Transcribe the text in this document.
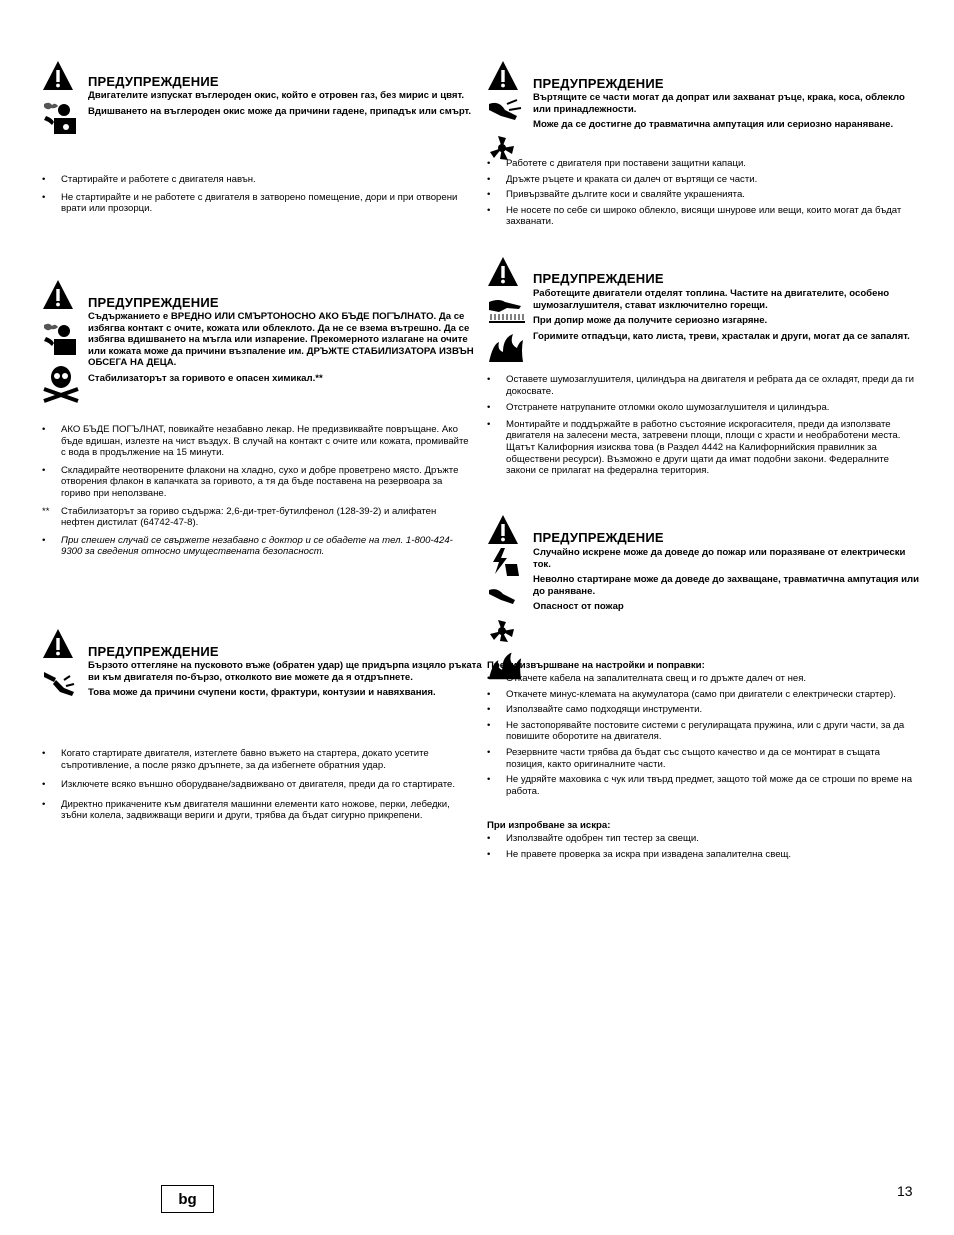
ПРЕДУПРЕЖДЕНИЕ

Двигателите изпускат въглероден окис, който е отровен газ, без мирис и цвят.

Вдишването на въглероден окис може да причини гадене, припадък или смърт.

• Стартирайте и работете с двигателя навън.
• Не стартирайте и не работете с двигателя в затворено помещение, дори и при отворени врати или прозорци.
ПРЕДУПРЕЖДЕНИЕ

Съдържанието е ВРЕДНО ИЛИ СМЪРТОНОСНО АКО БЪДЕ ПОГЪЛНАТО. Да се избягва контакт с очите, кожата или облеклото. Да не се взема вътрешно. Да се избягва вдишването на мъгла или изпарение. Прекомерното излагане на очите или кожата може да причини възпаление им. ДРЪЖТЕ СТАБИЛИЗАТОРА ИЗВЪН ОБСЕГА НА ДЕЦА.

Стабилизаторът за горивото е опасен химикал.**

• АКО БЪДЕ ПОГЪЛНАТ, повикайте незабавно лекар. Не предизвиквайте повръщане. Ако бъде вдишан, излезте на чист въздух. В случай на контакт с очите или кожата, промивайте с вода в продължение на 15 минути.
• Складирайте неотворените флакони на хладно, сухо и добре проветрено място. Дръжте отворения флакон в капачката за горивото, а тя да бъде поставена на резервоара за гориво при неползване.
** Стабилизаторът за гориво съдържа: 2,6-ди-трет-бутилфенол (128-39-2) и алифатен нефтен дистилат (64742-47-8).
• При спешен случай се свържете незабавно с доктор и се обадете на тел. 1-800-424-9300 за сведения относно имуществената безопасност.
ПРЕДУПРЕЖДЕНИЕ

Бързото оттегляне на пусковото въже (обратен удар) ще придърпа изцяло ръката ви към двигателя по-бързо, отколкото вие можете да я отдръпнете.

Това може да причини счупени кости, фрактури, контузии и навяхвания.

• Когато стартирате двигателя, изтеглете бавно въжето на стартера, докато усетите съпротивление, а после рязко дръпнете, за да избегнете обратния удар.
• Изключете всяко външно оборудване/задвижвано от двигателя, преди да го стартирате.
• Директно прикачените към двигателя машинни елементи като ножове, перки, лебедки, зъбни колела, задвижващи вериги и други, трябва да бъдат сигурно прикрепени.
ПРЕДУПРЕЖДЕНИЕ

Въртящите се части могат да допрат или захванат ръце, крака, коса, облекло или принадлежности.

Може да се достигне до травматична ампутация или сериозно нараняване.

• Работете с двигателя при поставени защитни капаци.
• Дръжте ръцете и краката си далеч от въртящи се части.
• Привързвайте дългите коси и сваляйте украшенията.
• Не носете по себе си широко облекло, висящи шнурове или вещи, които могат да бъдат захванати.
ПРЕДУПРЕЖДЕНИЕ

Работещите двигатели отделят топлина. Частите на двигателите, особено шумозаглушителя, стават изключително горещи.

При допир може да получите сериозно изгаряне.

Горимите отпадъци, като листа, треви, храсталак и други, могат да се запалят.

• Оставете шумозаглушителя, цилиндъра на двигателя и ребрата да се охладят, преди да ги докосвате.
• Отстранете натрупаните отломки около шумозаглушителя и цилиндъра.
• Монтирайте и поддържайте в работно състояние искрогасителя, преди да използвате двигателя на залесени места, затревени площи, площи с храсти и необработени места. Щатът Калифорния изисква това (в Раздел 4442 на Калифорнийския правилник за обществени ресурси). Възможно е други щати да имат подобни закони. Федералните закони се прилагат на федерална територия.
ПРЕДУПРЕЖДЕНИЕ

Случайно искрене може да доведе до пожар или поразяване от електрически ток.

Неволно стартиране може да доведе до захващане, травматична ампутация или до раняване.

Опасност от пожар

Преди извършване на настройки и поправки:
• Откачете кабела на запалителната свещ и го дръжте далеч от нея.
• Откачете минус-клемата на акумулатора (само при двигатели с електрически стартер).
• Използвайте само подходящи инструменти.
• Не застопорявайте постовите системи с регулиращата пружина, или с други части, за да повишите оборотите на двигателя.
• Резервните части трябва да бъдат със същото качество и да се монтират в същата позиция, както оригиналните части.
• Не удряйте маховика с чук или твърд предмет, защото той може да се строши по време на работа.
При изпробване за искра:
• Използвайте одобрен тип тестер за свещи.
• Не правете проверка за искра при извадена запалителна свещ.
bg	13
